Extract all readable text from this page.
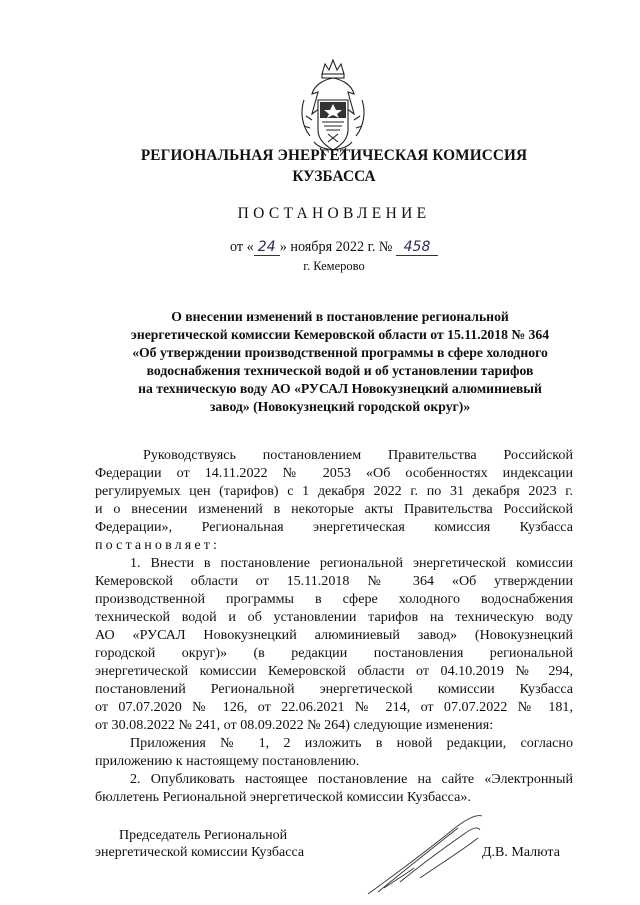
РЕГИОНАЛЬНАЯ ЭНЕРГЕТИЧЕСКАЯ КОМИССИЯ
КУЗБАССА
ПОСТАНОВЛЕНИЕ
от « 24 » ноября 2022 г. № 458
г. Кемерово
О внесении изменений в постановление региональной
энергетической комиссии Кемеровской области от 15.11.2018 № 364
«Об утверждении производственной программы в сфере холодного
водоснабжения технической водой и об установлении тарифов
на техническую воду АО «РУСАЛ Новокузнецкий алюминиевый
завод» (Новокузнецкий городской округ)»
Руководствуясь постановлением Правительства Российской
Федерации от 14.11.2022 № 2053 «Об особенностях индексации
регулируемых цен (тарифов) с 1 декабря 2022 г. по 31 декабря 2023 г.
и о внесении изменений в некоторые акты Правительства Российской
Федерации», Региональная энергетическая комиссия Кузбасса
постановляет:
1. Внести в постановление региональной энергетической комиссии
Кемеровской области от 15.11.2018 № 364 «Об утверждении
производственной программы в сфере холодного водоснабжения
технической водой и об установлении тарифов на техническую воду
АО «РУСАЛ Новокузнецкий алюминиевый завод» (Новокузнецкий
городской округ)» (в редакции постановления региональной
энергетической комиссии Кемеровской области от 04.10.2019 № 294,
постановлений Региональной энергетической комиссии Кузбасса
от 07.07.2020 № 126, от 22.06.2021 № 214, от 07.07.2022 № 181,
от 30.08.2022 № 241, от 08.09.2022 № 264) следующие изменения:
Приложения № 1, 2 изложить в новой редакции, согласно
приложению к настоящему постановлению.
2. Опубликовать настоящее постановление на сайте «Электронный
бюллетень Региональной энергетической комиссии Кузбасса».
Председатель Региональной
энергетической комиссии Кузбасса	Д.В. Малюта
